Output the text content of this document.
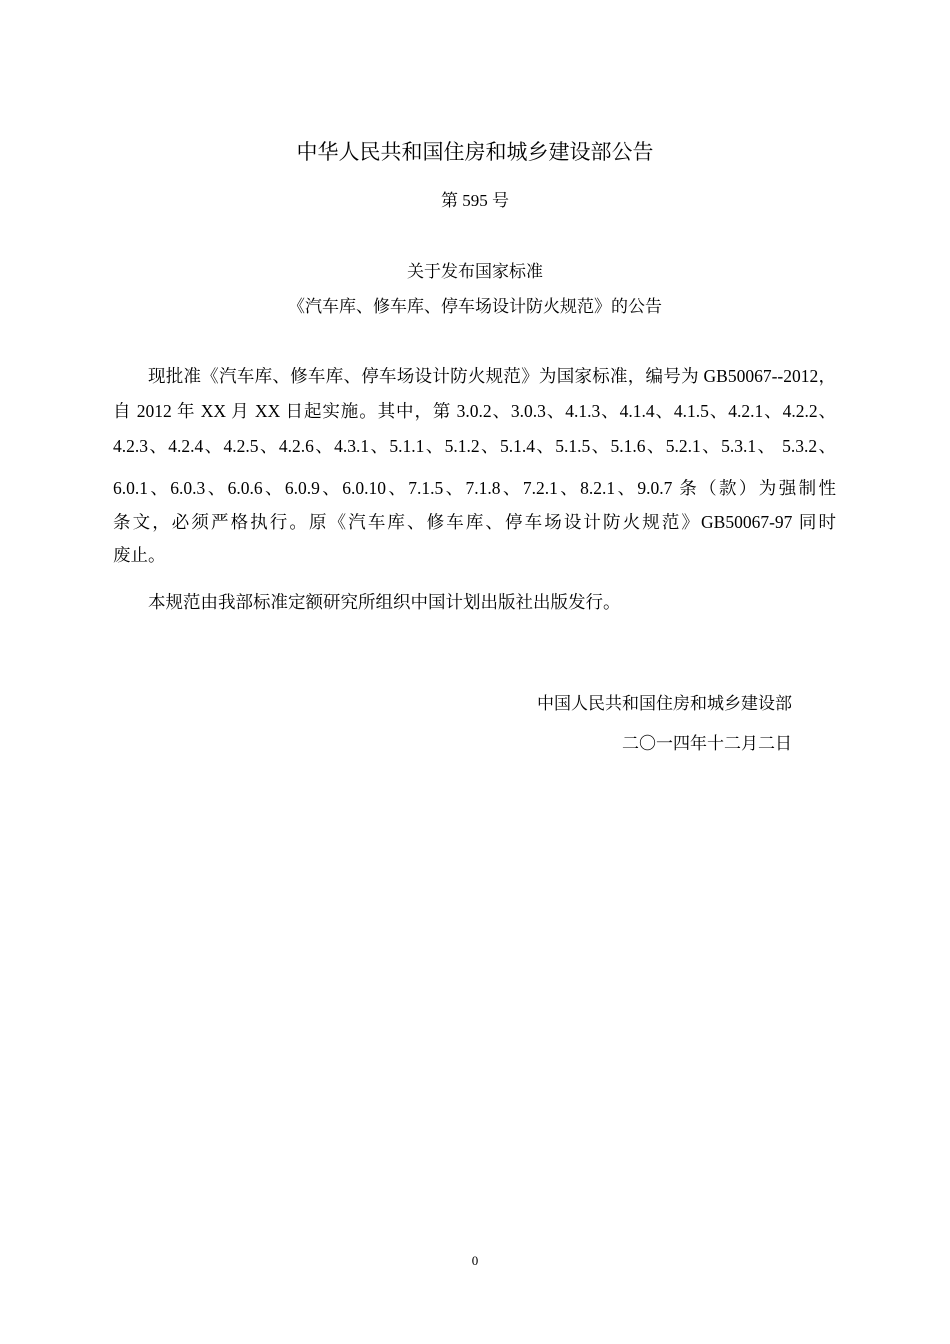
中华人民共和国住房和城乡建设部公告
第 595 号
关于发布国家标准
《汽车库、修车库、停车场设计防火规范》的公告
现批准《汽车库、修车库、停车场设计防火规范》为国家标准，编号为 GB50067--2012，
自 2012 年 XX 月 XX 日起实施。其中，第 3.0.2、3.0.3、4.1.3、4.1.4、4.1.5、4.2.1、4.2.2、
4.2.3、4.2.4、4.2.5、4.2.6、4.3.1、5.1.1、5.1.2、5.1.4、5.1.5、5.1.6、5.2.1、5.3.1、 5.3.2、
6.0.1、6.0.3、6.0.6、6.0.9、6.0.10、7.1.5、7.1.8、7.2.1、8.2.1、9.0.7 条（款）为强制性
条文，必须严格执行。原《汽车库、修车库、停车场设计防火规范》GB50067-97 同时
废止。
本规范由我部标准定额研究所组织中国计划出版社出版发行。
中国人民共和国住房和城乡建设部
二〇一四年十二月二日
0
